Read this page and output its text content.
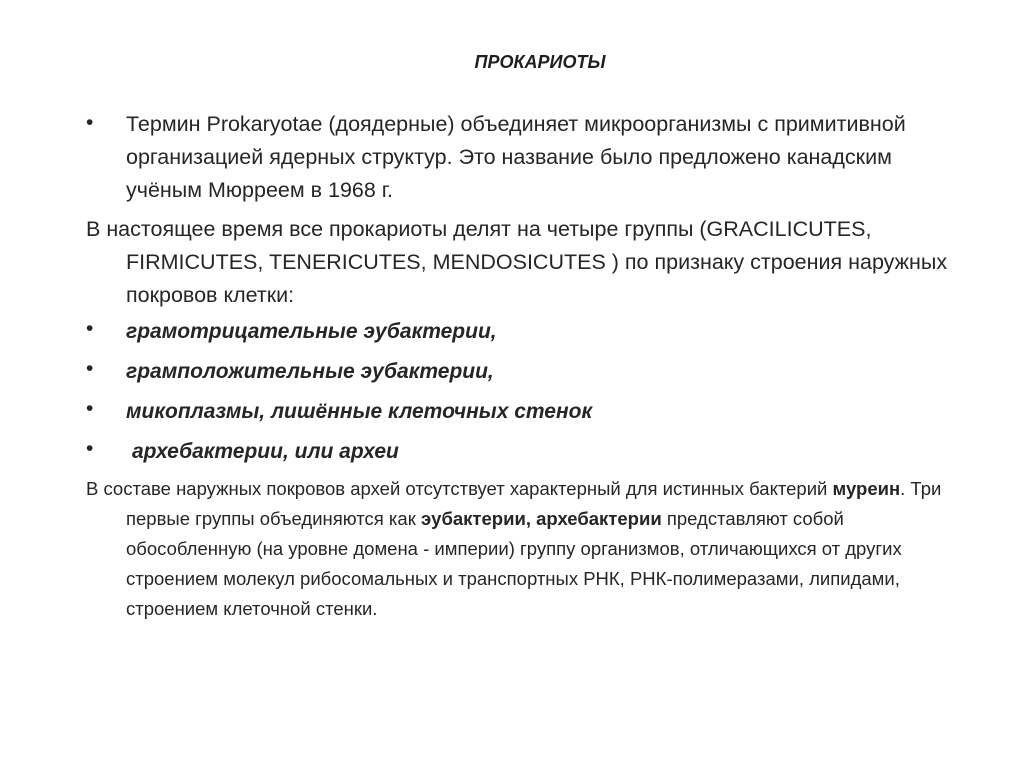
ПРОКАРИОТЫ
•	Термин Prokaryotae (доядерные) объединяет микроорганизмы с примитивной организацией ядерных структур. Это название было предложено канадским учёным Мюрреем в 1968 г.
В настоящее время все прокариоты делят на четыре группы (GRACILICUTES, FIRMICUTES, TENERICUTES, MENDOSICUTES ) по признаку строения наружных покровов клетки:
•	грамотрицательные эубактерии,
•	грамположительные эубактерии,
•	микоплазмы, лишённые клеточных стенок
•	архебактерии, или археи
В составе наружных покровов архей отсутствует характерный для истинных бактерий муреин. Три первые группы объединяются как эубактерии, архебактерии представляют собой обособленную (на уровне домена - империи) группу организмов, отличающихся от других строением молекул рибосомальных и транспортных РНК, РНК-полимеразами, липидами, строением клеточной стенки.
